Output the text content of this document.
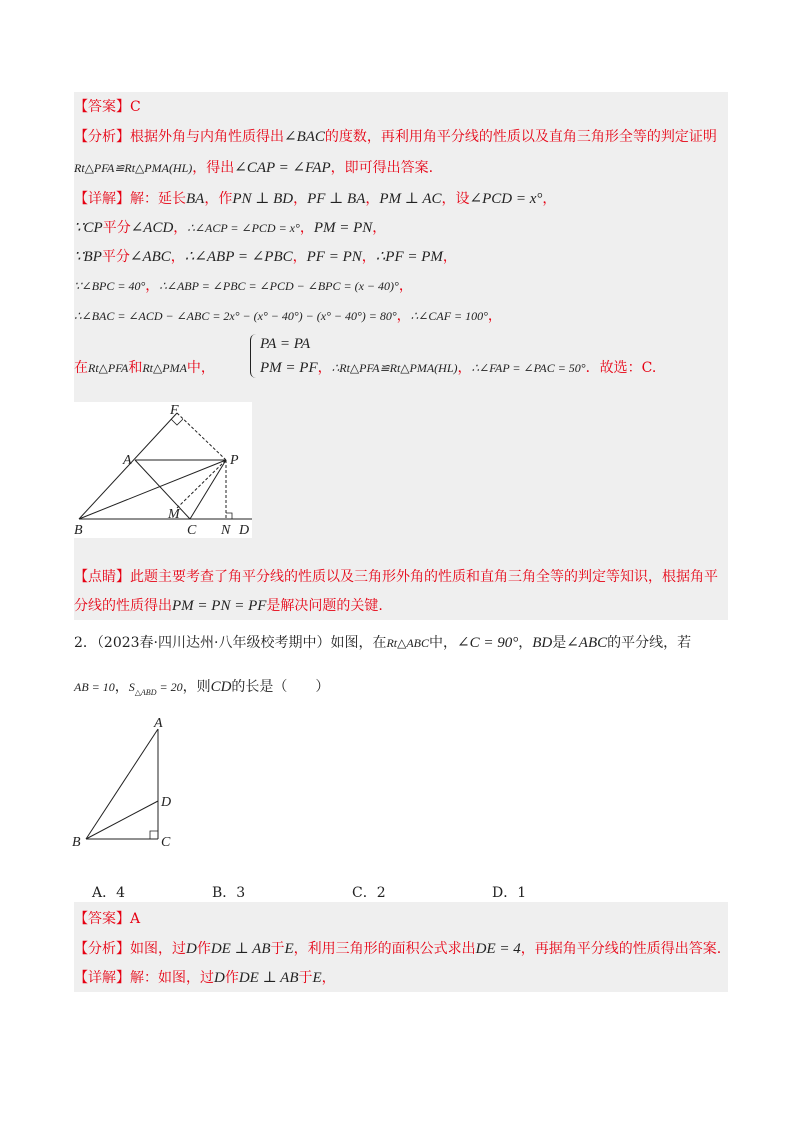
【答案】C
【分析】根据外角与内角性质得出∠BAC的度数，再利用角平分线的性质以及直角三角形全等的判定证明
Rt△PFA≌Rt△PMA(HL)，得出∠CAP = ∠FAP，即可得出答案.
【详解】解：延长BA，作PN ⊥ BD，PF ⊥ BA，PM ⊥ AC，设∠PCD = x°，
∵CP平分∠ACD，∴∠ACP = ∠PCD = x°，PM = PN，
∵BP平分∠ABC，∴∠ABP = ∠PBC，PF = PN，∴PF = PM，
∵∠BPC = 40°，∴∠ABP = ∠PBC = ∠PCD − ∠BPC = (x − 40)°，
∴∠BAC = ∠ACD − ∠ABC = 2x° − (x° − 40°) − (x° − 40°) = 80°，∴∠CAF = 100°，
在Rt△PFA和Rt△PMA中，
PA = PA
PM = PF，∴Rt△PFA≌Rt△PMA(HL)，∴∠FAP = ∠PAC = 50°．故选：C.
F
A	P
B
M
C N D
【点睛】此题主要考查了角平分线的性质以及三角形外角的性质和直角三角全等的判定等知识，根据角平
分线的性质得出PM = PN = PF是解决问题的关键.
2．（2023春·四川达州·八年级校考期中）如图，在Rt△ABC中，∠C = 90°，BD是∠ABC的平分线，若
AB = 10，$S_{\triangle ABD} = 20$，则CD的长是（　　）
A
D
B	C
A．4	B．3	C．2	D．1
【答案】A
【分析】如图，过D作DE ⊥ AB于E，利用三角形的面积公式求出DE = 4，再据角平分线的性质得出答案.
【详解】解：如图，过D作DE ⊥ AB于E，
